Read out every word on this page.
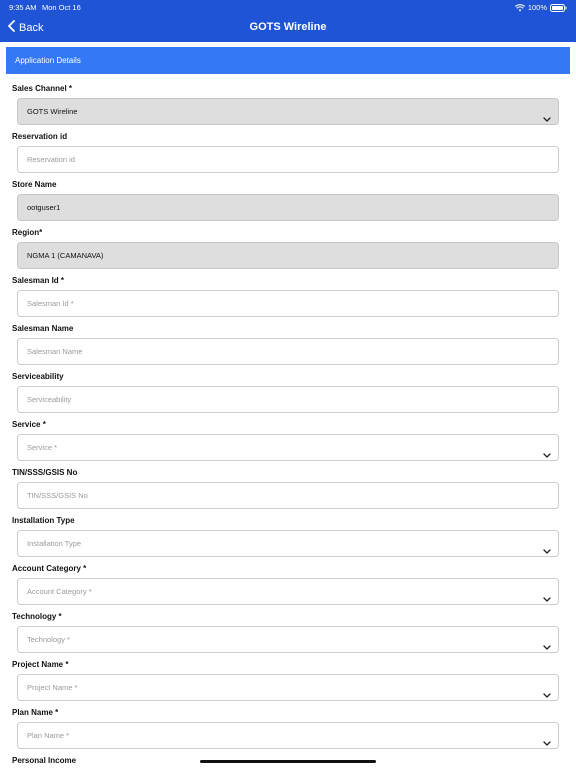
9:35 AM Mon Oct 16	100%
Back	GOTS Wireline
Application Details
Sales Channel *
GOTS Wireline
Reservation id
Reservation id
Store Name
ootguser1
Region*
NGMA 1 (CAMANAVA)
Salesman Id *
Salesman Id *
Salesman Name
Salesman Name
Serviceability
Serviceability
Service *
Service *
TIN/SSS/GSIS No
TIN/SSS/GSIS No
Installation Type
Installation Type
Account Category *
Account Category *
Technology *
Technology *
Project Name *
Project Name *
Plan Name *
Plan Name *
Personal Income
